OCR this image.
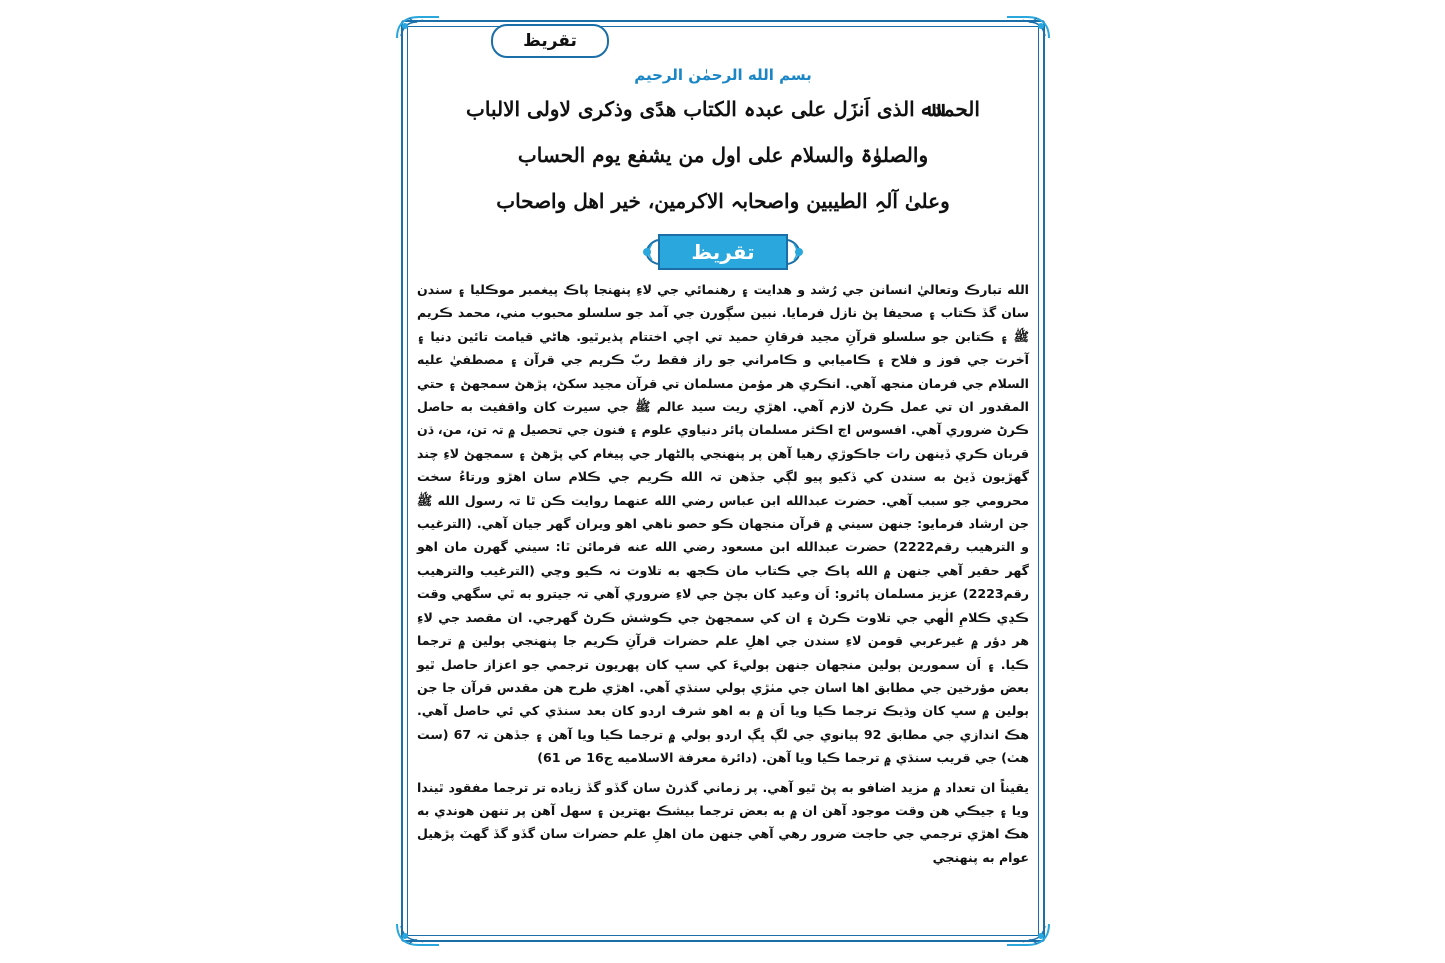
تقريظ
بسم الله الرحمٰن الرحيم
الحمدﷲ الذی اَنزَل علی عبدہ الکتاب ھدًی وذکری لاولی الالباب
والصلوٰۃ والسلام علی اول من یشفع یوم الحساب
وعلیٰ آلہِ الطیبین واصحابہ الاکرمین، خیر اھل واصحاب
تقريظ

الله تبارڪ وتعاليٰ انسانن جي رُشد و هدايت ۽ رهنمائي جي لاءِ پنهنجا پاڪ پيغمبر موڪليا ۽ سندن سان گڏ ڪتاب ۽ صحيفا پڻ نازل فرمايا. نبين سڳورن جي آمد جو سلسلو محبوب مني، محمد ڪريم ﷺ ۽ ڪتابن جو سلسلو قرآنِ مجيد فرقانِ حميد تي اچي اختتام پذيرٿيو. هاڻي قيامت تائين دنيا ۽ آخرت جي فوز و فلاح ۽ ڪاميابي و ڪامراني جو راز فقط ربّ ڪريم جي قرآن ۽ مصطفيٰ عليه السلام جي فرمان منجھ آهي. انڪري هر مؤمن مسلمان تي قرآن مجيد سکڻ، پڙهڻ سمجهڻ ۽ حتي المقدور ان تي عمل ڪرڻ لازم آهي. اهڙي ريت سيد عالم ﷺ جي سيرت کان واقفيت به حاصل ڪرڻ ضروري آهي. افسوس اڄ اڪثر مسلمان پائر دنياوي علوم ۽ فنون جي تحصيل ۾ تہ تن، من، ڌن قربان ڪري ڏينهن رات جاڪوڙي رهيا آهن پر پنهنجي پالڻهار جي پيغام کي پڙهڻ ۽ سمجهڻ لاءِ چند گھڙيون ڏيڻ به سندن کي ڏکيو پيو لڳي جڏهن تہ الله ڪريم جي ڪلام سان اهڙو ورتاءُ سخت محرومي جو سبب آهي. حضرت عبدالله ابن عباس رضي الله عنهما روايت ڪن ٿا تہ رسول الله ﷺ جن ارشاد فرمايو: جنهن سيني ۾ قرآن منجهان ڪو حصو ناهي اهو ويران گھر جيان آهي. (الترغيب و الترهيب رقم2222) حضرت عبدالله ابن مسعود رضي الله عنه فرمائن ٿا: سيني گھرن مان اهو گھر حقير آهي جنهن ۾ الله پاڪ جي ڪتاب مان ڪجھ به تلاوت نہ ڪيو وڃي (الترغيب والترهيب رقم2223) عزيز مسلمان پائرو: اَن وعيد کان بچڻ جي لاءِ ضروري آهي تہ جيترو به ٿي سگهي وقت ڪڍي ڪلامِ الٰهي جي تلاوت ڪرڻ ۽ ان کي سمجهڻ جي ڪوشش ڪرڻ گھرجي. ان مقصد جي لاءِ هر دؤر ۾ غيرعربي قومن لاءِ سندن جي اهلِ علم حضرات قرآنِ ڪريم جا پنهنجي ٻولين ۾ ترجما ڪيا. ۽ اَن سمورين ٻولين منجهان جنهن ٻوليءَ کي سڀ کان پهريون ترجمي جو اعزاز حاصل ٿيو بعض مؤرخين جي مطابق اها اسان جي مٺڙي ٻولي سنڌي آهي. اهڙي طرح هن مقدس قرآن جا جن ٻولين ۾ سڀ کان وڌيڪ ترجما ڪيا ويا اَن ۾ به اهو شرف اردو کان بعد سنڌي کي ئي حاصل آهي. هڪ اندازي جي مطابق 92 ٻيانوي جي لڳ ڀڳ اردو ٻولي ۾ ترجما ڪيا ويا آهن ۽ جڏهن تہ 67 (ست هٺ) جي قريب سنڌي ۾ ترجما ڪيا ويا آهن. (دائرة معرفة الاسلاميه ج16 ص 61)

يقيناً ان تعداد ۾ مزيد اضافو به پڻ ٿيو آهي. پر زماني گذرڻ سان گڏو گڏ زياده تر ترجما مفقود ٿيندا ويا ۽ جيڪي هن وقت موجود آهن ان ۾ به بعض ترجما بيشڪ بهترين ۽ سهل آهن پر تنهن هوندي به هڪ اهڙي ترجمي جي حاجت ضرور رهي آهي جنهن مان اهلِ علم حضرات سان گڏو گڏ گهٽ پڙهيل عوام به پنهنجي
